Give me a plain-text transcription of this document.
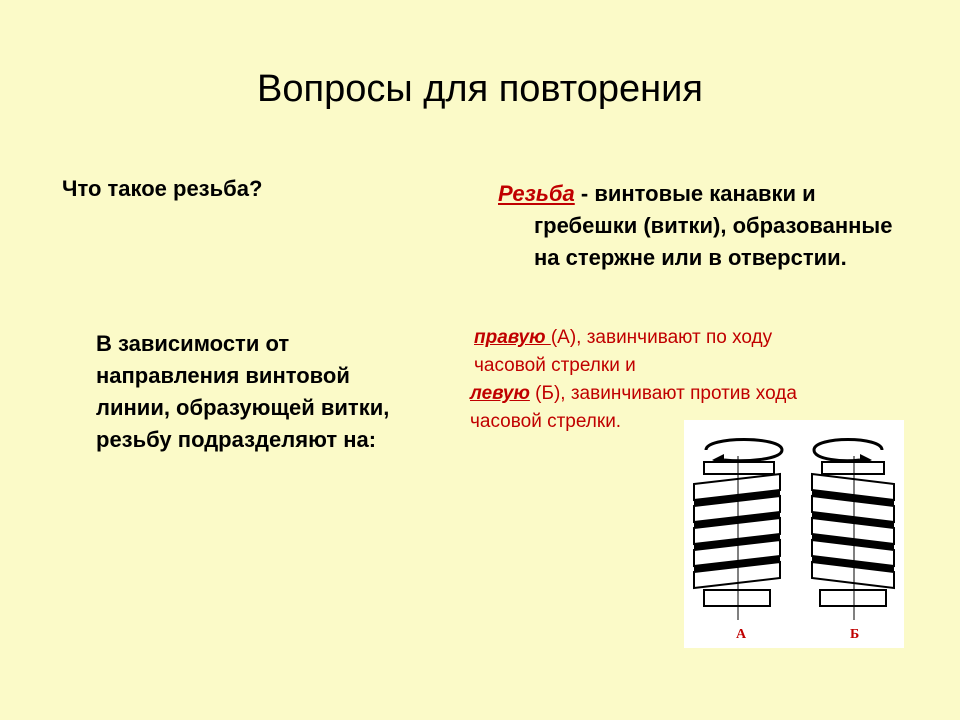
Вопросы для повторения
Что такое резьба?	Резьба - винтовые канавки и
гребешки (витки), образованные на стержне или в отверстии.
В зависимости от направления винтовой линии, образующей витки, резьбу подразделяют на:
правую (А), завинчивают по ходу
часовой стрелки и
левую (Б), завинчивают против хода
часовой стрелки.
А	Б
